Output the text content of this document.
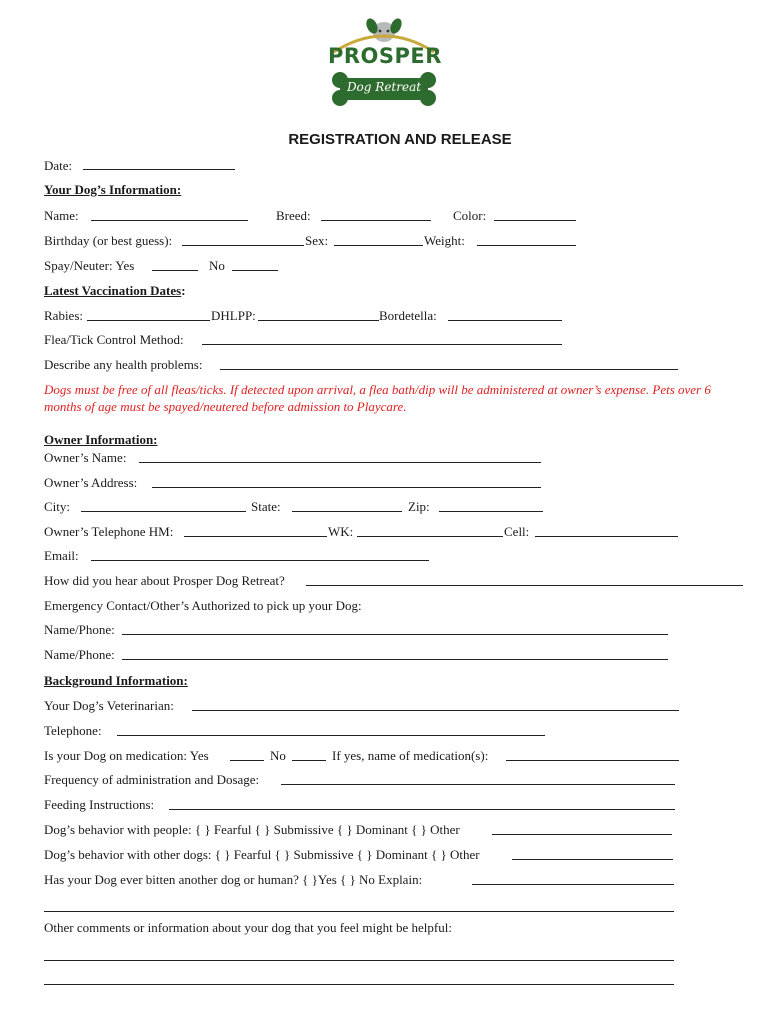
PROSPER
Dog Retreat
REGISTRATION AND RELEASE
Date:
Your Dog’s Information:
Name:	Breed:	Color:
Birthday (or best guess):	Sex:	Weight:
Spay/Neuter: Yes	No
Latest Vaccination Dates:
Rabies:	DHLPP:	Bordetella:
Flea/Tick Control Method:
Describe any health problems:
Dogs must be free of all fleas/ticks. If detected upon arrival, a flea bath/dip will be administered at owner’s expense. Pets over 6 months of age must be spayed/neutered before admission to Playcare.
Owner Information:
Owner’s Name:
Owner’s Address:
City:	State:	Zip:
Owner’s Telephone HM:	WK:	Cell:
Email:
How did you hear about Prosper Dog Retreat?
Emergency Contact/Other’s Authorized to pick up your Dog:
Name/Phone:
Name/Phone:
Background Information:
Your Dog’s Veterinarian:
Telephone:
Is your Dog on medication: Yes	No	If yes, name of medication(s):
Frequency of administration and Dosage:
Feeding Instructions:
Dog’s behavior with people: { } Fearful { } Submissive { } Dominant { } Other
Dog’s behavior with other dogs: { } Fearful { } Submissive { } Dominant { } Other
Has your Dog ever bitten another dog or human? { }Yes { } No Explain:
Other comments or information about your dog that you feel might be helpful:
